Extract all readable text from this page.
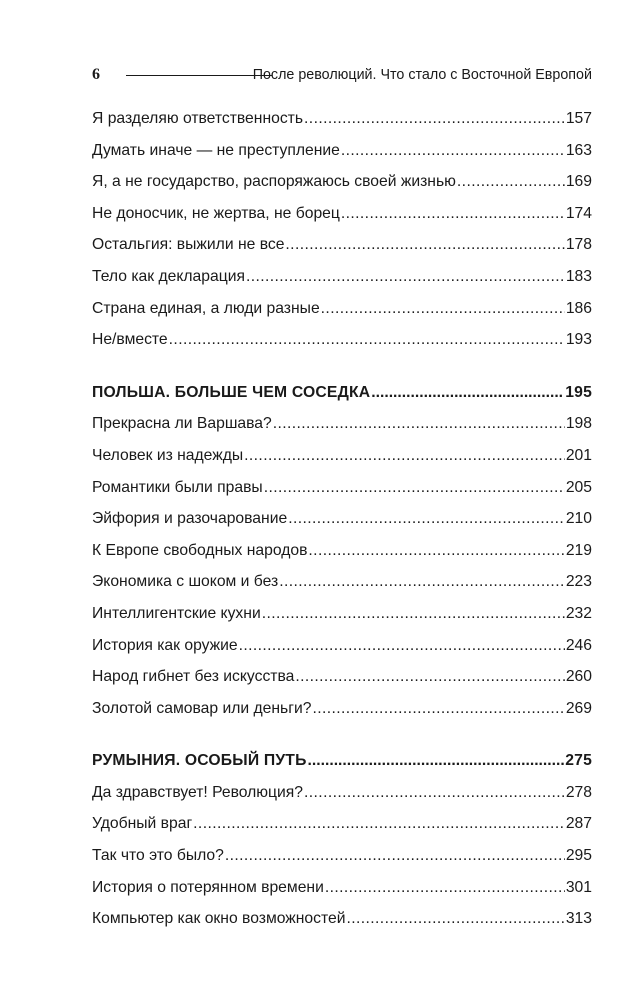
6	После революций. Что стало с Восточной Европой
Я разделяю ответственность .....	157
Думать иначе — не преступление .....	163
Я, а не государство, распоряжаюсь своей жизнью .....	169
Не доносчик, не жертва, не борец .....	174
Остальгия: выжили не все .....	178
Тело как декларация .....	183
Страна единая, а люди разные .....	186
Не/вместе .....	193
ПОЛЬША. БОЛЬШЕ ЧЕМ СОСЕДКА .....	195
Прекрасна ли Варшава? .....	198
Человек из надежды .....	201
Романтики были правы .....	205
Эйфория и разочарование .....	210
К Европе свободных народов .....	219
Экономика с шоком и без .....	223
Интеллигентские кухни .....	232
История как оружие .....	246
Народ гибнет без искусства .....	260
Золотой самовар или деньги? .....	269
РУМЫНИЯ. ОСОБЫЙ ПУТЬ .....	275
Да здравствует! Революция? .....	278
Удобный враг .....	287
Так что это было? .....	295
История о потерянном времени .....	301
Компьютер как окно возможностей .....	313
